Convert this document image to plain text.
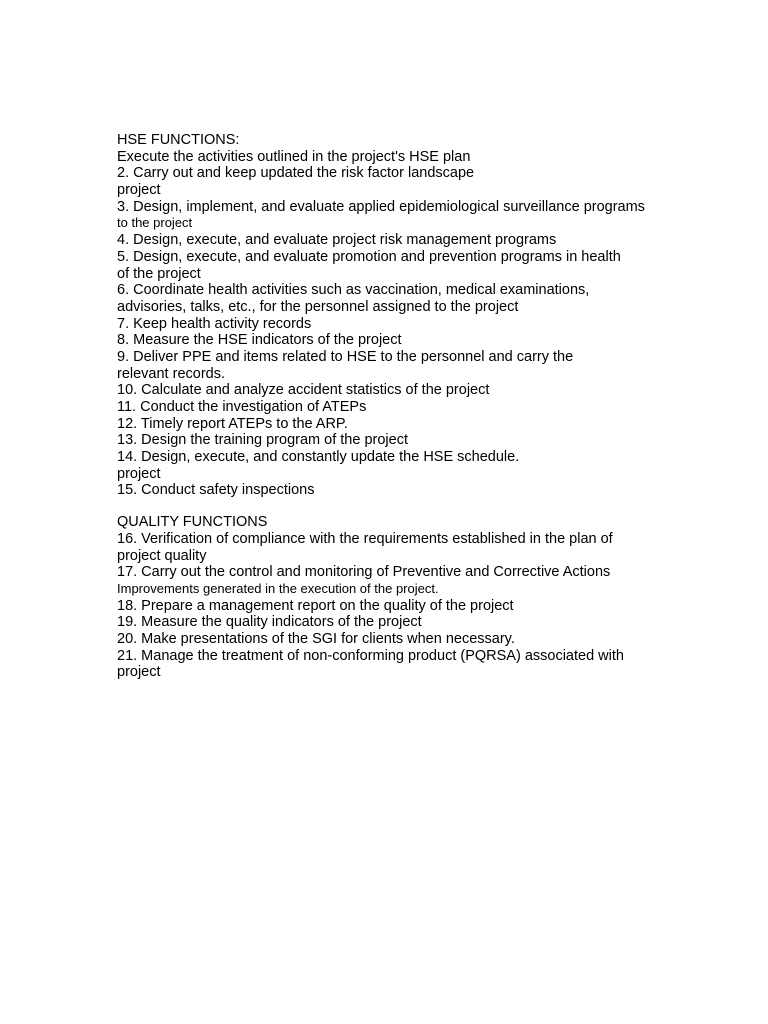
HSE FUNCTIONS:
Execute the activities outlined in the project's HSE plan
2. Carry out and keep updated the risk factor landscape
project
3. Design, implement, and evaluate applied epidemiological surveillance programs
to the project
4. Design, execute, and evaluate project risk management programs
5. Design, execute, and evaluate promotion and prevention programs in health
of the project
6. Coordinate health activities such as vaccination, medical examinations,
advisories, talks, etc., for the personnel assigned to the project
7. Keep health activity records
8. Measure the HSE indicators of the project
9. Deliver PPE and items related to HSE to the personnel and carry the
relevant records.
10. Calculate and analyze accident statistics of the project
11. Conduct the investigation of ATEPs
12. Timely report ATEPs to the ARP.
13. Design the training program of the project
14. Design, execute, and constantly update the HSE schedule.
project
15. Conduct safety inspections
QUALITY FUNCTIONS
16. Verification of compliance with the requirements established in the plan of
project quality
17. Carry out the control and monitoring of Preventive and Corrective Actions
Improvements generated in the execution of the project.
18. Prepare a management report on the quality of the project
19. Measure the quality indicators of the project
20. Make presentations of the SGI for clients when necessary.
21. Manage the treatment of non-conforming product (PQRSA) associated with
project
